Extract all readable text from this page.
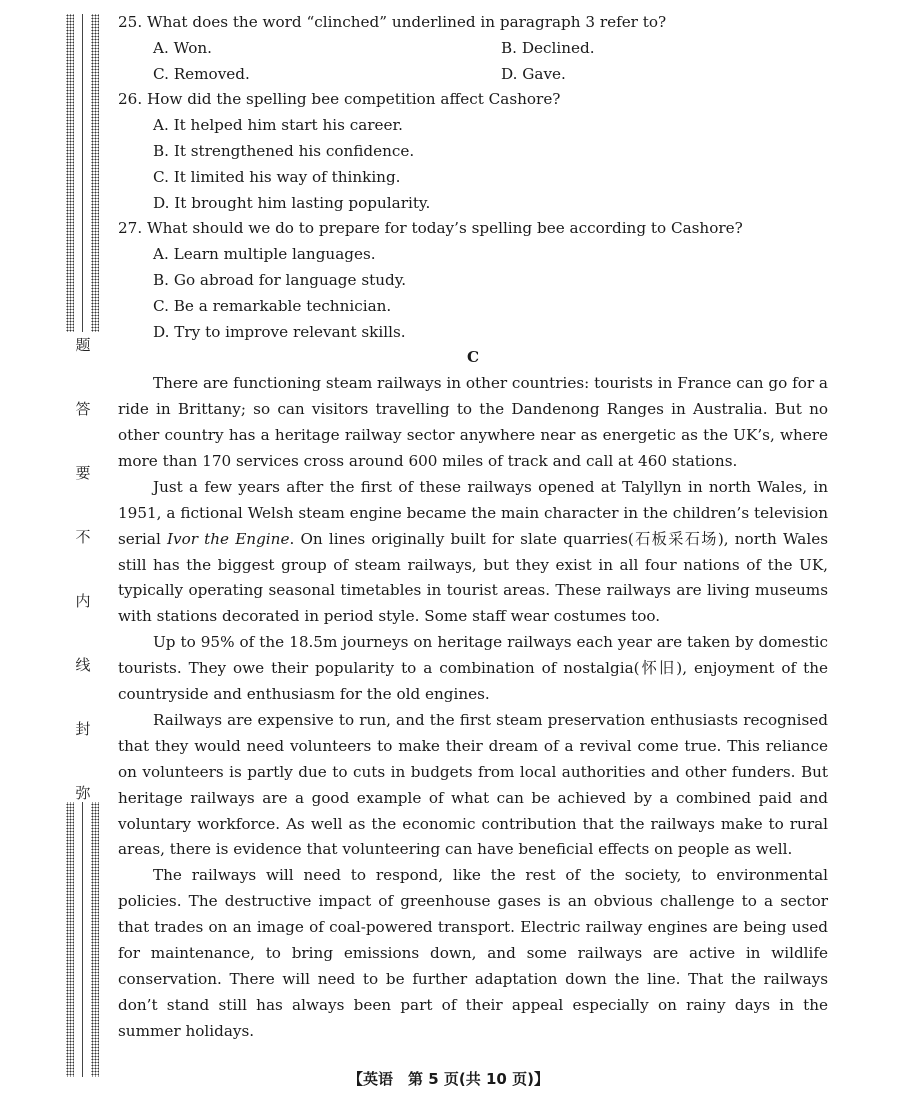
题
答
要
不
内
线
封
弥
25. What does the word “clinched” underlined in paragraph 3 refer to?
A. Won.	B. Declined.
C. Removed.	D. Gave.
26. How did the spelling bee competition affect Cashore?
A. It helped him start his career.
B. It strengthened his confidence.
C. It limited his way of thinking.
D. It brought him lasting popularity.
27. What should we do to prepare for today’s spelling bee according to Cashore?
A. Learn multiple languages.
B. Go abroad for language study.
C. Be a remarkable technician.
D. Try to improve relevant skills.
C

There are functioning steam railways in other countries: tourists in France can go for a ride in Brittany; so can visitors travelling to the Dandenong Ranges in Australia. But no other country has a heritage railway sector anywhere near as energetic as the UK’s, where more than 170 services cross around 600 miles of track and call at 460 stations.

Just a few years after the first of these railways opened at Talyllyn in north Wales, in 1951, a fictional Welsh steam engine became the main character in the children’s television serial Ivor the Engine. On lines originally built for slate quarries(石板采石场), north Wales still has the biggest group of steam railways, but they exist in all four nations of the UK, typically operating seasonal timetables in tourist areas. These railways are living museums with stations decorated in period style. Some staff wear costumes too.

Up to 95% of the 18.5m journeys on heritage railways each year are taken by domestic tourists. They owe their popularity to a combination of nostalgia(怀旧), enjoyment of the countryside and enthusiasm for the old engines.

Railways are expensive to run, and the first steam preservation enthusiasts recognised that they would need volunteers to make their dream of a revival come true. This reliance on volunteers is partly due to cuts in budgets from local authorities and other funders. But heritage railways are a good example of what can be achieved by a combined paid and voluntary workforce. As well as the economic contribution that the railways make to rural areas, there is evidence that volunteering can have beneficial effects on people as well.

The railways will need to respond, like the rest of the society, to environmental policies. The destructive impact of greenhouse gases is an obvious challenge to a sector that trades on an image of coal-powered transport. Electric railway engines are being used for maintenance, to bring emissions down, and some railways are active in wildlife conservation. There will need to be further adaptation down the line. That the railways don’t stand still has always been part of their appeal especially on rainy days in the summer holidays.

【英语　第 5 页(共 10 页)】
